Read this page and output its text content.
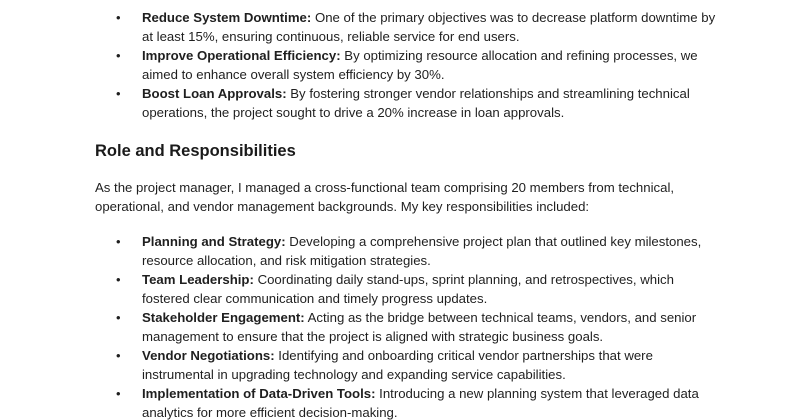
• Reduce System Downtime: One of the primary objectives was to decrease platform downtime by at least 15%, ensuring continuous, reliable service for end users.
• Improve Operational Efficiency: By optimizing resource allocation and refining processes, we aimed to enhance overall system efficiency by 30%.
• Boost Loan Approvals: By fostering stronger vendor relationships and streamlining technical operations, the project sought to drive a 20% increase in loan approvals.
Role and Responsibilities

As the project manager, I managed a cross-functional team comprising 20 members from technical, operational, and vendor management backgrounds. My key responsibilities included:

• Planning and Strategy: Developing a comprehensive project plan that outlined key milestones, resource allocation, and risk mitigation strategies.
• Team Leadership: Coordinating daily stand-ups, sprint planning, and retrospectives, which fostered clear communication and timely progress updates.
• Stakeholder Engagement: Acting as the bridge between technical teams, vendors, and senior management to ensure that the project is aligned with strategic business goals.
• Vendor Negotiations: Identifying and onboarding critical vendor partnerships that were instrumental in upgrading technology and expanding service capabilities.
• Implementation of Data-Driven Tools: Introducing a new planning system that leveraged data analytics for more efficient decision-making.
